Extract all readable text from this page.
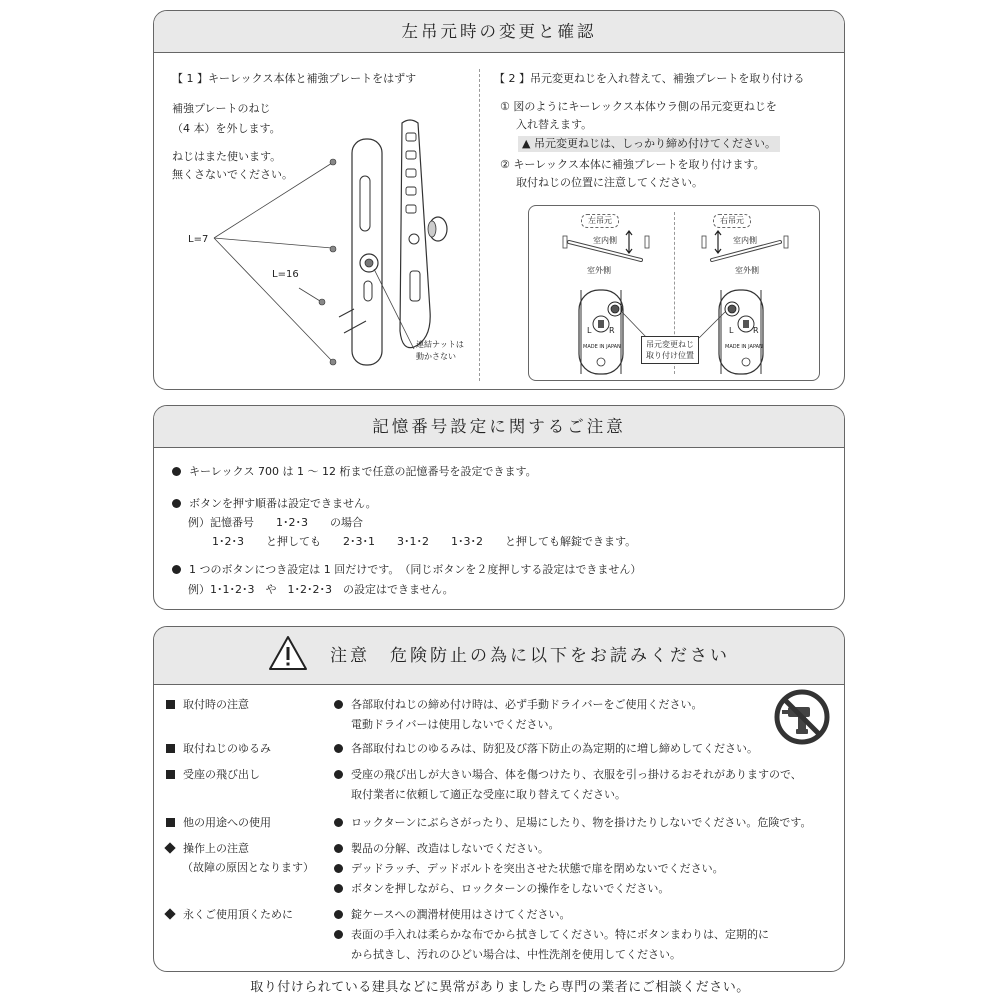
左吊元時の変更と確認
【 1 】キーレックス本体と補強プレートをはずす
補強プレートのねじ
（4 本）を外します。
ねじはまた使います。
無くさないでください。
L=7
L=16
連結ナットは
動かさない
【 2 】吊元変更ねじを入れ替えて、補強プレートを取り付ける
① 図のようにキーレックス本体ウラ側の吊元変更ねじを
入れ替えます。
▲ 吊元変更ねじは、しっかり締め付けてください。
② キーレックス本体に補強プレートを取り付けます。
取付ねじの位置に注意してください。
左吊元
室内側
室外側
L R
MADE IN JAPAN
右吊元
室内側
室外側
L R
MADE IN JAPAN
吊元変更ねじ
取り付け位置
記憶番号設定に関するご注意
キーレックス 700 は 1 〜 12 桁まで任意の記憶番号を設定できます。
ボタンを押す順番は設定できません。
例）記憶番号　　1･2･3　　の場合
1･2･3　　と押しても　　2･3･1　　3･1･2　　1･3･2　　と押しても解錠できます。
1 つのボタンにつき設定は 1 回だけです。　（同じボタンを２度押しする設定はできません）
例）1･1･2･3　や　1･2･2･3　の設定はできません。
注意　危険防止の為に以下をお読みください
取付時の注意	各部取付ねじの締め付け時は、必ず手動ドライバーをご使用ください。
電動ドライバーは使用しないでください。
取付ねじのゆるみ	各部取付ねじのゆるみは、防犯及び落下防止の為定期的に増し締めしてください。
受座の飛び出し	受座の飛び出しが大きい場合、体を傷つけたり、衣服を引っ掛けるおそれがありますので、
取付業者に依頼して適正な受座に取り替えてください。
他の用途への使用	ロックターンにぶらさがったり、足場にしたり、物を掛けたりしないでください。危険です。
操作上の注意
（故障の原因となります）
製品の分解、改造はしないでください。
デッドラッチ、デッドボルトを突出させた状態で扉を閉めないでください。
ボタンを押しながら、ロックターンの操作をしないでください。
永くご使用頂くために	錠ケースへの潤滑材使用はさけてください。
表面の手入れは柔らかな布でから拭きしてください。特にボタンまわりは、定期的に
から拭きし、汚れのひどい場合は、中性洗剤を使用してください。
取り付けられている建具などに異常がありましたら専門の業者にご相談ください。
